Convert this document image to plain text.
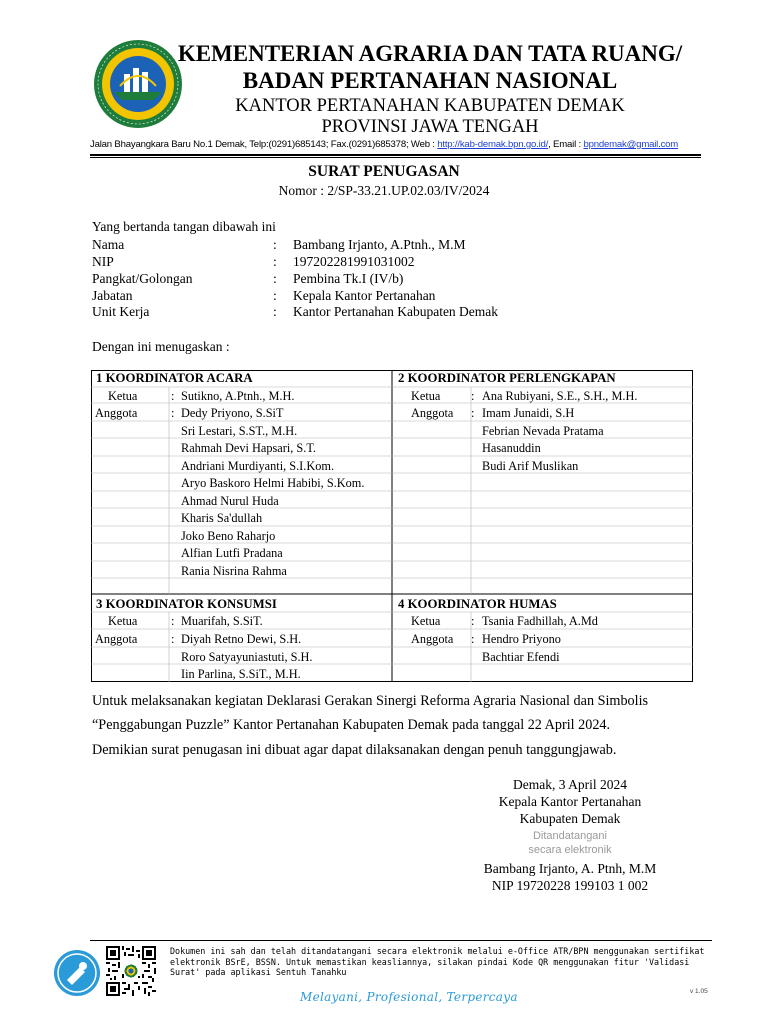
KEMENTERIAN AGRARIA DAN TATA RUANG/
BADAN PERTANAHAN NASIONAL
KANTOR PERTANAHAN KABUPATEN DEMAK
PROVINSI JAWA TENGAH
Jalan Bhayangkara Baru No.1 Demak, Telp:(0291)685143; Fax.(0291)685378; Web : http://kab-demak.bpn.go.id/, Email : bpndemak@gmail.com
SURAT PENUGASAN
Nomor : 2/SP-33.21.UP.02.03/IV/2024
Yang bertanda tangan dibawah ini
Nama	: Bambang Irjanto, A.Ptnh., M.M
NIP	: 197202281991031002
Pangkat/Golongan	: Pembina Tk.I (IV/b)
Jabatan	: Kepala Kantor Pertanahan
Unit Kerja	: Kantor Pertanahan Kabupaten Demak
Dengan ini menugaskan :
1 KOORDINATOR ACARA
Ketua	: Sutikno, A.Ptnh., M.H.
Anggota	: Dedy Priyono, S.SiT
Sri Lestari, S.ST., M.H.
Rahmah Devi Hapsari, S.T.
Andriani Murdiyanti, S.I.Kom.
Aryo Baskoro Helmi Habibi, S.Kom.
Ahmad Nurul Huda
Kharis Sa'dullah
Joko Beno Raharjo
Alfian Lutfi Pradana
Rania Nisrina Rahma
2 KOORDINATOR PERLENGKAPAN
Ketua : Ana Rubiyani, S.E., S.H., M.H.
Anggota : Imam Junaidi, S.H
Febrian Nevada Pratama
Hasanuddin
Budi Arif Muslikan
3 KOORDINATOR KONSUMSI
Ketua	: Muarifah, S.SiT.
Anggota	: Diyah Retno Dewi, S.H.
Roro Satyayuniastuti, S.H.
Iin Parlina, S.SiT., M.H.
4 KOORDINATOR HUMAS
Ketua : Tsania Fadhillah, A.Md
Anggota : Hendro Priyono
Bachtiar Efendi
Untuk melaksanakan kegiatan Deklarasi Gerakan Sinergi Reforma Agraria Nasional dan Simbolis
“Penggabungan Puzzle” Kantor Pertanahan Kabupaten Demak pada tanggal 22 April 2024.
Demikian surat penugasan ini dibuat agar dapat dilaksanakan dengan penuh tanggungjawab.
Demak, 3 April 2024
Kepala Kantor Pertanahan
Kabupaten Demak
Ditandatangani
secara elektronik
Bambang Irjanto, A. Ptnh, M.M
NIP 19720228 199103 1 002
Dokumen ini sah dan telah ditandatangani secara elektronik melalui e-Office ATR/BPN menggunakan sertifikat elektronik BSrE, BSSN. Untuk memastikan keasliannya, silakan pindai Kode QR menggunakan fitur 'Validasi Surat' pada aplikasi Sentuh Tanahku
Melayani, Profesional, Terpercaya	v 1.05
